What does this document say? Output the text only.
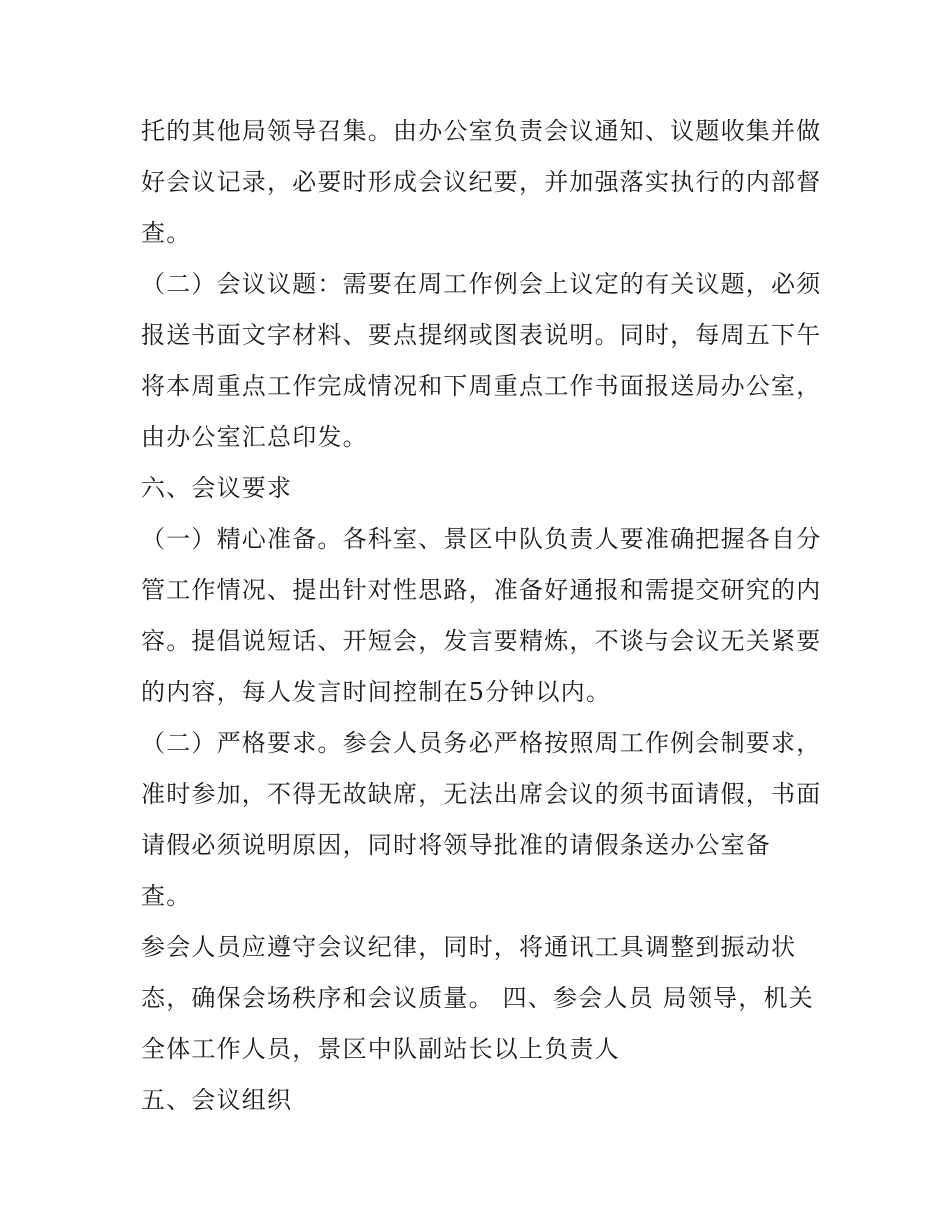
托的其他局领导召集。由办公室负责会议通知、议题收集并做
好会议记录，必要时形成会议纪要，并加强落实执行的内部督
查。
（二）会议议题：需要在周工作例会上议定的有关议题，必须
报送书面文字材料、要点提纲或图表说明。同时，每周五下午
将本周重点工作完成情况和下周重点工作书面报送局办公室，
由办公室汇总印发。
六、会议要求
（一）精心准备。各科室、景区中队负责人要准确把握各自分
管工作情况、提出针对性思路，准备好通报和需提交研究的内
容。提倡说短话、开短会，发言要精炼，不谈与会议无关紧要
的内容，每人发言时间控制在5分钟以内。
（二）严格要求。参会人员务必严格按照周工作例会制要求，
准时参加，不得无故缺席，无法出席会议的须书面请假，书面
请假必须说明原因，同时将领导批准的请假条送办公室备
查。
参会人员应遵守会议纪律，同时，将通讯工具调整到振动状
态，确保会场秩序和会议质量。 四、参会人员 局领导，机关
全体工作人员，景区中队副站长以上负责人
五、会议组织
